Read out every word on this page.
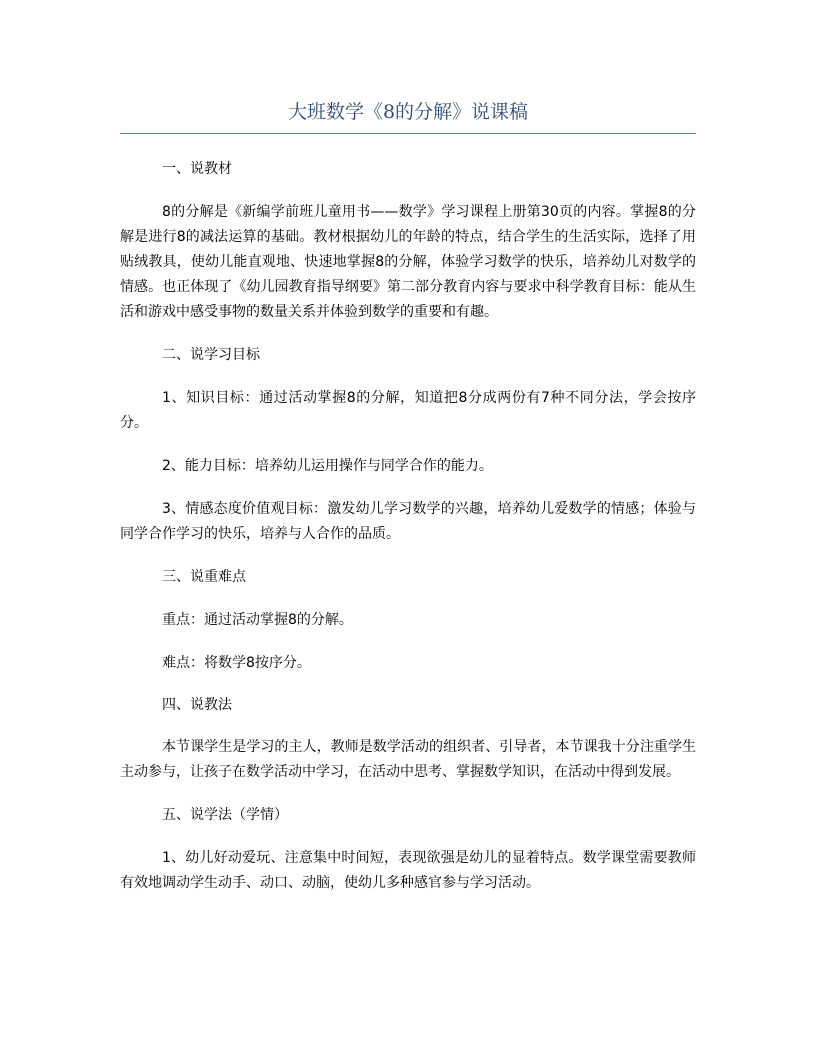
大班数学《8的分解》说课稿

一、说教材

8的分解是《新编学前班儿童用书——数学》学习课程上册第30页的内容。掌握8的分解是进行8的减法运算的基础。教材根据幼儿的年龄的特点，结合学生的生活实际，选择了用贴绒教具，使幼儿能直观地、快速地掌握8的分解，体验学习数学的快乐，培养幼儿对数学的情感。也正体现了《幼儿园教育指导纲要》第二部分教育内容与要求中科学教育目标：能从生活和游戏中感受事物的数量关系并体验到数学的重要和有趣。

二、说学习目标

1、知识目标：通过活动掌握8的分解，知道把8分成两份有7种不同分法，学会按序分。

2、能力目标：培养幼儿运用操作与同学合作的能力。

3、情感态度价值观目标：激发幼儿学习数学的兴趣，培养幼儿爱数学的情感；体验与同学合作学习的快乐，培养与人合作的品质。

三、说重难点

重点：通过活动掌握8的分解。

难点：将数学8按序分。

四、说教法

本节课学生是学习的主人，教师是数学活动的组织者、引导者，本节课我十分注重学生主动参与，让孩子在数学活动中学习，在活动中思考、掌握数学知识，在活动中得到发展。

五、说学法（学情）

1、幼儿好动爱玩、注意集中时间短，表现欲强是幼儿的显着特点。数学课堂需要教师有效地调动学生动手、动口、动脑，使幼儿多种感官参与学习活动。
